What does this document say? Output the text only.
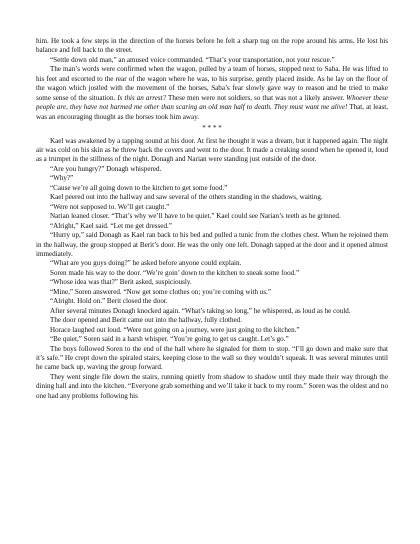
him. He took a few steps in the direction of the horses before he felt a sharp tug on the rope around his arms. He lost his balance and fell back to the street.

“Settle down old man,” an amused voice commanded. “That’s your transportation, not your rescue.”

The man’s words were confirmed when the wagon, pulled by a team of horses, stopped next to Saba. He was lifted to his feet and escorted to the rear of the wagon where he was, to his surprise, gently placed inside. As he lay on the floor of the wagon which jostled with the movement of the horses, Saba’s fear slowly gave way to reason and he tried to make some sense of the situation. Is this an arrest? These men were not soldiers, so that was not a likely answer. Whoever these people are, they have not harmed me other than scaring an old man half to death. They must want me alive! That, at least, was an encouraging thought as the horses took him away.

* * * *

Kael was awakened by a tapping sound at his door. At first he thought it was a dream, but it happened again. The night air was cold on his skin as he threw back the covers and went to the door. It made a creaking sound when he opened it, loud as a trumpet in the stillness of the night. Donagh and Narian were standing just outside of the door.

“Are you hungry?” Donagh whispered.

“Why?”

“Cause we’re all going down to the kitchen to get some food.”

Kael peered out into the hallway and saw several of the others standing in the shadows, waiting.

“Were not supposed to. We’ll get caught.”

Narian leaned closer. “That’s why we’ll have to be quiet.” Kael could see Narian’s teeth as he grinned.

“Alright,” Kael said. “Let me get dressed.”

“Hurry up,” said Donagh as Kael ran back to his bed and pulled a tunic from the clothes chest. When he rejoined them in the hallway, the group stopped at Berit’s door. He was the only one left. Donagh tapped at the door and it opened almost immediately.

“What are you guys doing?” he asked before anyone could explain.

Soren made his way to the door. “We’re goin’ down to the kitchen to sneak some food.”

“Whose idea was that?” Berit asked, suspiciously.

“Mine,” Soren answered. “Now get some clothes on; you’re coming with us.”

“Alright. Hold on.” Berit closed the door.

After several minutes Donagh knocked again. “What’s taking so long,” he whispered, as loud as he could.

The door opened and Berit came out into the hallway, fully clothed.

Horace laughed out loud. “Were not going on a journey, were just going to the kitchen.”

“Be quiet,” Soren said in a harsh whisper. “You’re going to get us caught. Let’s go.”

The boys followed Soren to the end of the hall where he signaled for them to stop. “I’ll go down and make sure that it’s safe.” He crept down the spiraled stairs, keeping close to the wall so they wouldn’t squeak. It was several minutes until he came back up, waving the group forward.

They went single file down the stairs, running quietly from shadow to shadow until they made their way through the dining hall and into the kitchen. “Everyone grab something and we’ll take it back to my room.” Soren was the oldest and no one had any problems following his
